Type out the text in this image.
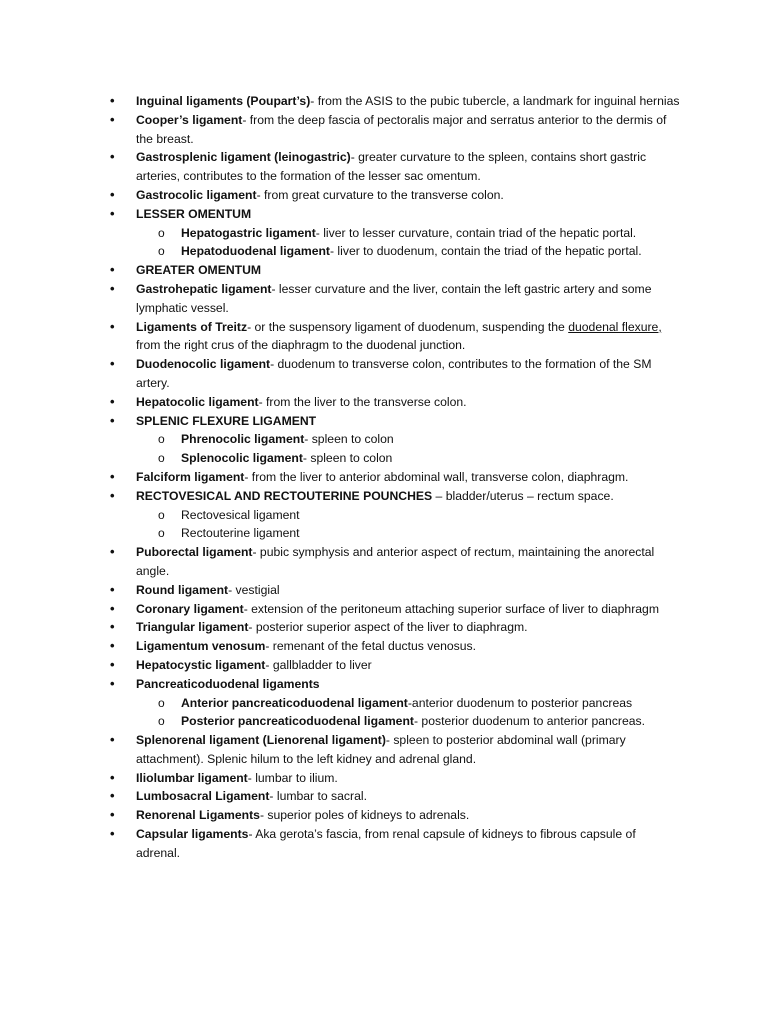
• Inguinal ligaments (Poupart’s)- from the ASIS to the pubic tubercle, a landmark for inguinal hernias
• Cooper’s ligament- from the deep fascia of pectoralis major and serratus anterior to the dermis of the breast.
• Gastrosplenic ligament (leinogastric)- greater curvature to the spleen, contains short gastric arteries, contributes to the formation of the lesser sac omentum.
• Gastrocolic ligament- from great curvature to the transverse colon.
• LESSER OMENTUM
o Hepatogastric ligament- liver to lesser curvature, contain triad of the hepatic portal.
o Hepatoduodenal ligament- liver to duodenum, contain the triad of the hepatic portal.
• GREATER OMENTUM
• Gastrohepatic ligament- lesser curvature and the liver, contain the left gastric artery and some lymphatic vessel.
• Ligaments of Treitz- or the suspensory ligament of duodenum, suspending the duodenal flexure, from the right crus of the diaphragm to the duodenal junction.
• Duodenocolic ligament- duodenum to transverse colon, contributes to the formation of the SM artery.
• Hepatocolic ligament- from the liver to the transverse colon.
• SPLENIC FLEXURE LIGAMENT
o Phrenocolic ligament- spleen to colon
o Splenocolic ligament- spleen to colon
• Falciform ligament- from the liver to anterior abdominal wall, transverse colon, diaphragm.
• RECTOVESICAL AND RECTOUTERINE POUNCHES – bladder/uterus – rectum space.
o Rectovesical ligament
o Rectouterine ligament
• Puborectal ligament- pubic symphysis and anterior aspect of rectum, maintaining the anorectal angle.
• Round ligament- vestigial
• Coronary ligament- extension of the peritoneum attaching superior surface of liver to diaphragm
• Triangular ligament- posterior superior aspect of the liver to diaphragm.
• Ligamentum venosum- remenant of the fetal ductus venosus.
• Hepatocystic ligament- gallbladder to liver
• Pancreaticoduodenal ligaments
o Anterior pancreaticoduodenal ligament-anterior duodenum to posterior pancreas
o Posterior pancreaticoduodenal ligament- posterior duodenum to anterior pancreas.
• Splenorenal ligament (Lienorenal ligament)- spleen to posterior abdominal wall (primary attachment). Splenic hilum to the left kidney and adrenal gland.
• Iliolumbar ligament- lumbar to ilium.
• Lumbosacral Ligament- lumbar to sacral.
• Renorenal Ligaments- superior poles of kidneys to adrenals.
• Capsular ligaments- Aka gerota’s fascia, from renal capsule of kidneys to fibrous capsule of adrenal.
